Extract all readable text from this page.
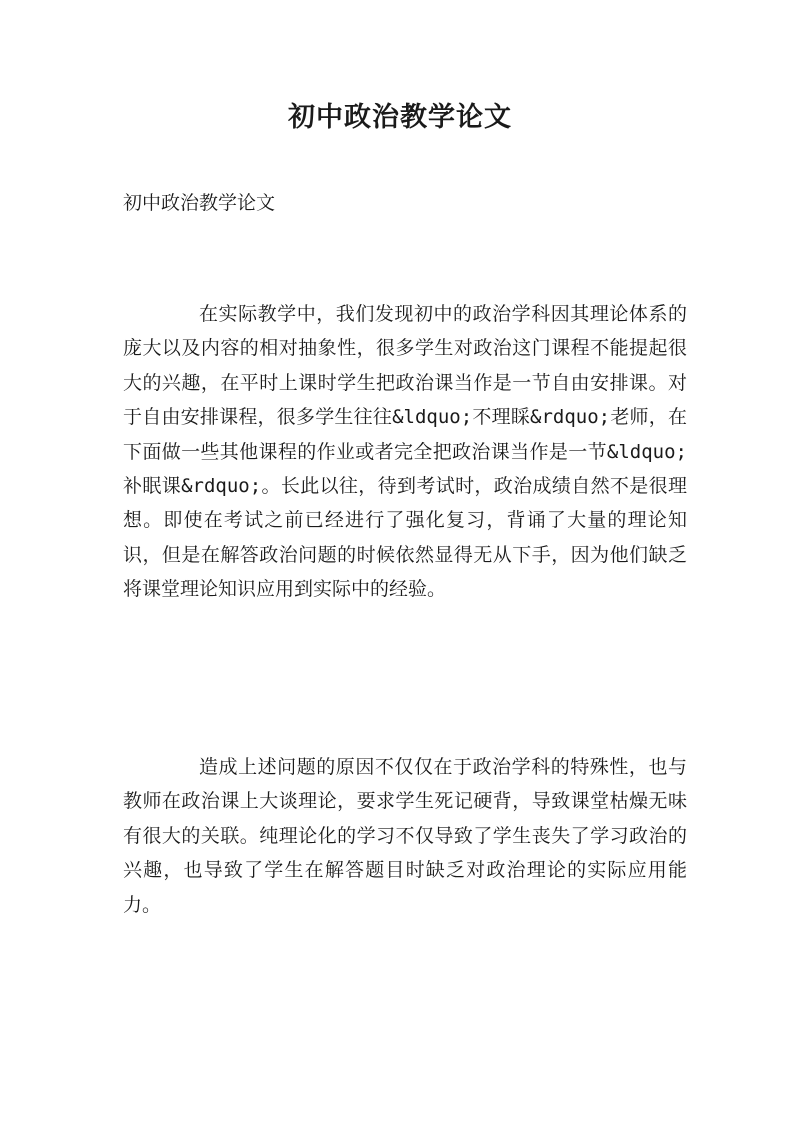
初中政治教学论文

初中政治教学论文

在实际教学中，我们发现初中的政治学科因其理论体系的庞大以及内容的相对抽象性，很多学生对政治这门课程不能提起很大的兴趣，在平时上课时学生把政治课当作是一节自由安排课。对于自由安排课程，很多学生往往&ldquo;不理睬&rdquo;老师，在下面做一些其他课程的作业或者完全把政治课当作是一节&ldquo;补眠课&rdquo;。长此以往，待到考试时，政治成绩自然不是很理想。即使在考试之前已经进行了强化复习，背诵了大量的理论知识，但是在解答政治问题的时候依然显得无从下手，因为他们缺乏将课堂理论知识应用到实际中的经验。

造成上述问题的原因不仅仅在于政治学科的特殊性，也与教师在政治课上大谈理论，要求学生死记硬背，导致课堂枯燥无味有很大的关联。纯理论化的学习不仅导致了学生丧失了学习政治的兴趣，也导致了学生在解答题目时缺乏对政治理论的实际应用能力。
